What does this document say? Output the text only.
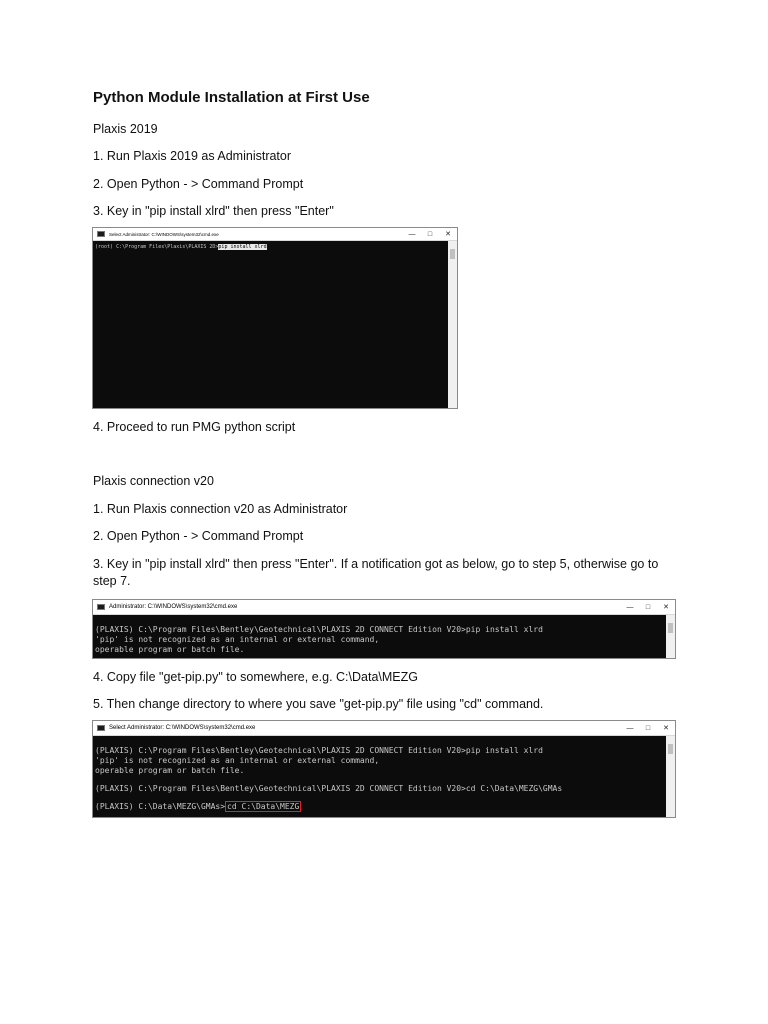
Python Module Installation at First Use
Plaxis 2019
1. Run Plaxis 2019 as Administrator
2. Open Python - > Command Prompt
3. Key in "pip install xlrd" then press "Enter"
Select Administrator: C:\WINDOWS\system32\cmd.exe	—	□	✕
(root) C:\Program Files\Plaxis\PLAXIS 2D>pip install xlrd
4. Proceed to run PMG python script
Plaxis connection v20
1. Run Plaxis connection v20 as Administrator
2. Open Python - > Command Prompt
3. Key in "pip install xlrd" then press "Enter". If a notification got as below, go to step 5, otherwise go to step 7.
Administrator: C:\WINDOWS\system32\cmd.exe	—	□	✕
(PLAXIS) C:\Program Files\Bentley\Geotechnical\PLAXIS 2D CONNECT Edition V20>pip install xlrd
'pip' is not recognized as an internal or external command,
operable program or batch file.
4. Copy file "get-pip.py" to somewhere, e.g. C:\Data\MEZG
5. Then change directory to where you save "get-pip.py" file using "cd" command.
Select Administrator: C:\WINDOWS\system32\cmd.exe	—	□	✕
(PLAXIS) C:\Program Files\Bentley\Geotechnical\PLAXIS 2D CONNECT Edition V20>pip install xlrd
'pip' is not recognized as an internal or external command,
operable program or batch file.
(PLAXIS) C:\Program Files\Bentley\Geotechnical\PLAXIS 2D CONNECT Edition V20>cd C:\Data\MEZG\GMAs
(PLAXIS) C:\Data\MEZG\GMAs> cd C:\Data\MEZG
